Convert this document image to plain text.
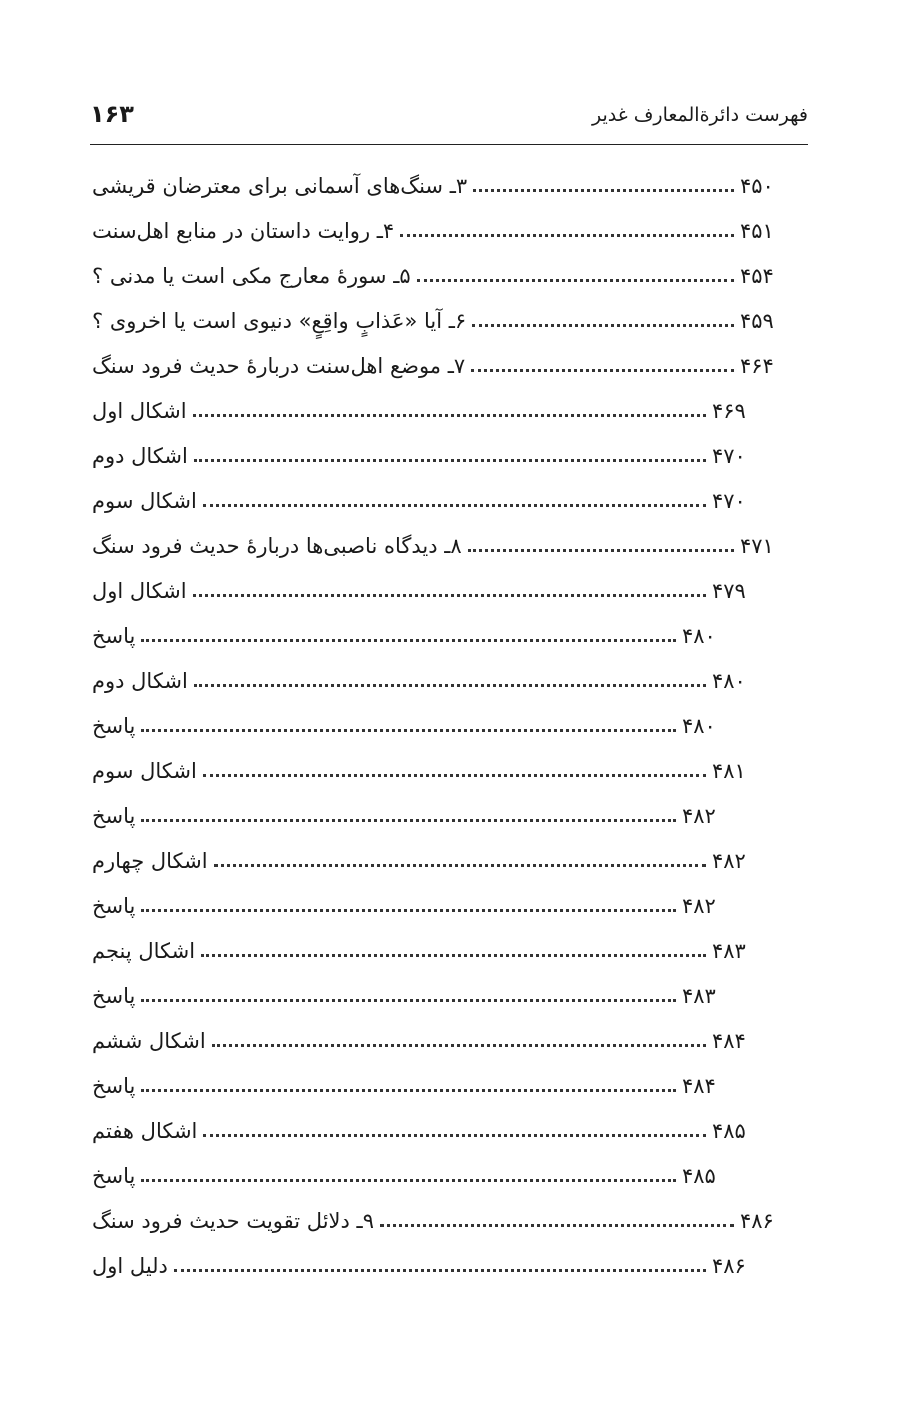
فهرست دائرةالمعارف غدیر
۱۶۳
۳ـ سنگ‌های آسمانی برای معترضان قریشی	۴۵۰
۴ـ روایت داستان در منابع اهل‌سنت	۴۵۱
۵ـ سورهٔ معارج مکی است یا مدنی ؟	۴۵۴
۶ـ آیا «عَذابٍ واقِعٍ» دنیوی است یا اخروی ؟	۴۵۹
۷ـ موضع اهل‌سنت دربارهٔ حدیث فرود سنگ	۴۶۴
اشکال اول	۴۶۹
اشکال دوم	۴۷۰
اشکال سوم	۴۷۰
۸ـ دیدگاه ناصبی‌ها دربارهٔ حدیث فرود سنگ	۴۷۱
اشکال اول	۴۷۹
پاسخ	۴۸۰
اشکال دوم	۴۸۰
پاسخ	۴۸۰
اشکال سوم	۴۸۱
پاسخ	۴۸۲
اشکال چهارم	۴۸۲
پاسخ	۴۸۲
اشکال پنجم	۴۸۳
پاسخ	۴۸۳
اشکال ششم	۴۸۴
پاسخ	۴۸۴
اشکال هفتم	۴۸۵
پاسخ	۴۸۵
۹ـ دلائل تقویت حدیث فرود سنگ	۴۸۶
دلیل اول	۴۸۶
